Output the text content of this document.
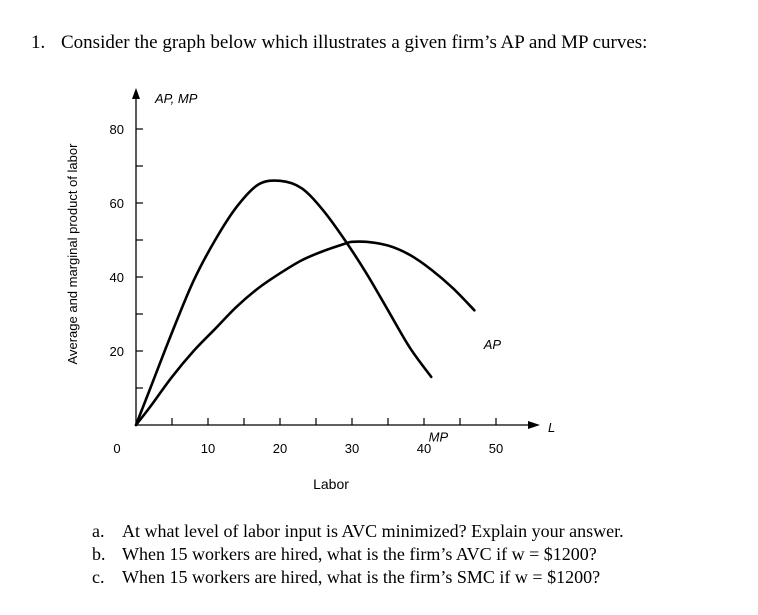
1. Consider the graph below which illustrates a given firm’s AP and MP curves:
Average and marginal product of labor
AP, MP
Labor
L
0
20
40
60
80
10	20	30	40	50
MP
AP
a. At what level of labor input is AVC minimized? Explain your answer.
b. When 15 workers are hired, what is the firm’s AVC if w = $1200?
c. When 15 workers are hired, what is the firm’s SMC if w = $1200?
